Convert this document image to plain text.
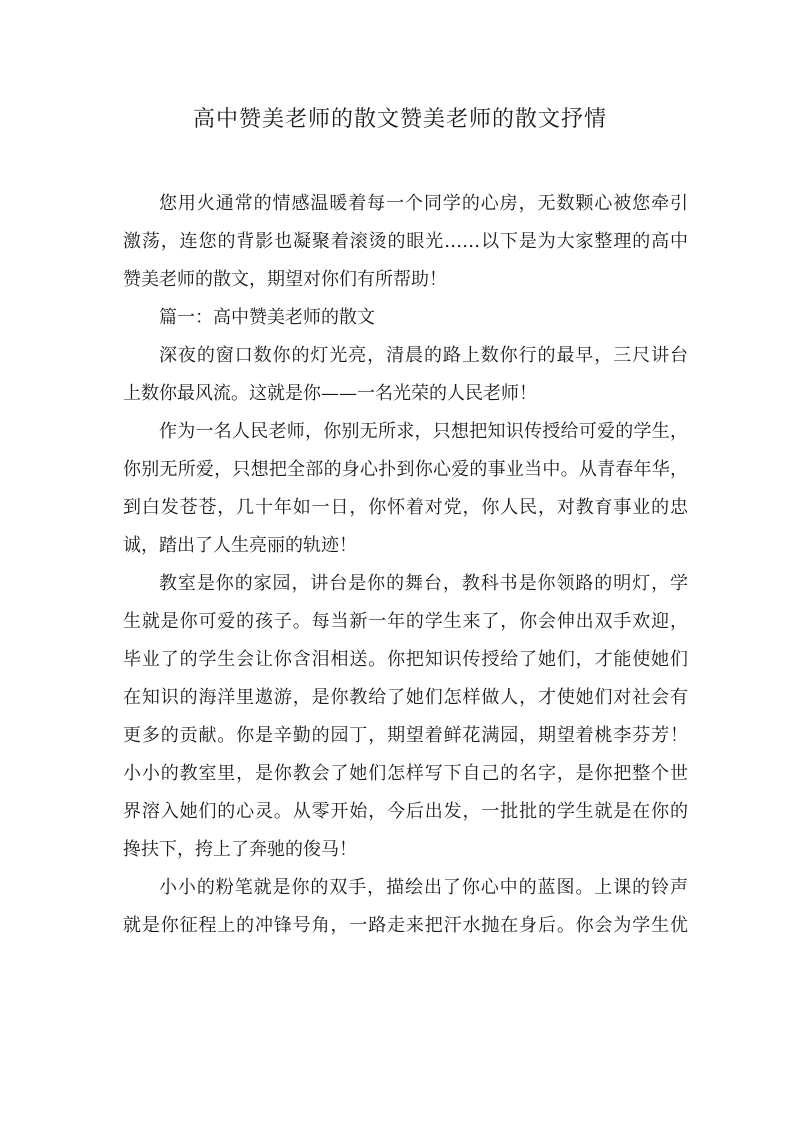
高中赞美老师的散文赞美老师的散文抒情

您用火通常的情感温暖着每一个同学的心房，无数颗心被您牵引
激荡，连您的背影也凝聚着滚烫的眼光……以下是为大家整理的高中
赞美老师的散文，期望对你们有所帮助！

篇一：高中赞美老师的散文

深夜的窗口数你的灯光亮，清晨的路上数你行的最早，三尺讲台
上数你最风流。这就是你——一名光荣的人民老师！

作为一名人民老师，你别无所求，只想把知识传授给可爱的学生，
你别无所爱，只想把全部的身心扑到你心爱的事业当中。从青春年华，
到白发苍苍，几十年如一日，你怀着对党，你人民，对教育事业的忠
诚，踏出了人生亮丽的轨迹！

教室是你的家园，讲台是你的舞台，教科书是你领路的明灯，学
生就是你可爱的孩子。每当新一年的学生来了，你会伸出双手欢迎，
毕业了的学生会让你含泪相送。你把知识传授给了她们，才能使她们
在知识的海洋里遨游，是你教给了她们怎样做人，才使她们对社会有
更多的贡献。你是辛勤的园丁，期望着鲜花满园，期望着桃李芬芳！
小小的教室里，是你教会了她们怎样写下自己的名字，是你把整个世
界溶入她们的心灵。从零开始，今后出发，一批批的学生就是在你的
搀扶下，挎上了奔驰的俊马！

小小的粉笔就是你的双手，描绘出了你心中的蓝图。上课的铃声
就是你征程上的冲锋号角，一路走来把汗水抛在身后。你会为学生优
